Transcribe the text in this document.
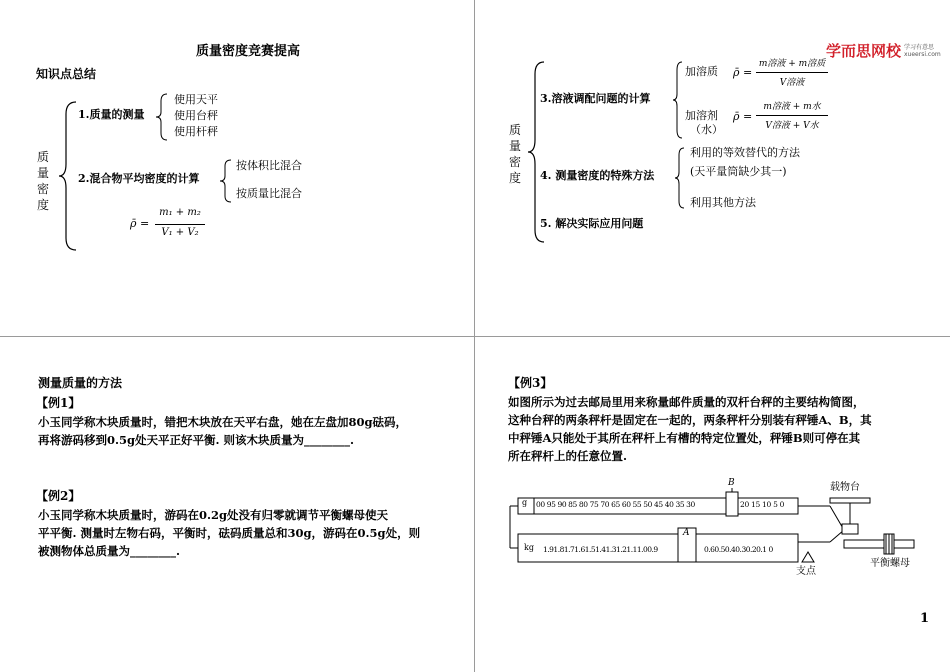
质量密度竞赛提高
知识点总结
质
量
密
度
1.质量的测量
使用天平
使用台秤
使用杆秤
2.混合物平均密度的计算
按体积比混合
按质量比混合
ρ̄ =
m₁ + m₂
V₁ + V₂
学而思网校 学习有意思
xueersi.com
质
量
密
度
3.溶液调配问题的计算
加溶质 ρ̄ =
m溶液 + m溶质
V溶液
加溶剂
（水）
ρ̄ =
m溶液 + m水
V溶液 + V水
4. 测量密度的特殊方法
利用的等效替代的方法
(天平量筒缺少其一)
利用其他方法
5. 解决实际应用问题
测量质量的方法
【例1】
小玉同学称木块质量时，错把木块放在天平右盘，她在左盘加80g砝码，
再将游码移到0.5g处天平正好平衡. 则该木块质量为________.
【例2】
小玉同学称木块质量时，游码在0.2g处没有归零就调节平衡螺母使天
平平衡. 测量时左物右码，平衡时，砝码质量总和30g，游码在0.5g处，则
被测物体总质量为________.
【例3】
如图所示为过去邮局里用来称量邮件质量的双杆台秤的主要结构简图，
这种台秤的两条秤杆是固定在一起的，两条秤杆分别装有秤锤A、B，其
中秤锤A只能处于其所在秤杆上有槽的特定位置处，秤锤B则可停在其
所在秤杆上的任意位置.
g 00 95 90 85 80 75 70 65 60 55 50 45 40 35 30	20 15 10 5 0
kg 1.91.81.71.61.51.41.31.21.11.00.9	0.60.50.40.30.20.1 0
A
B	载物台
支点
平衡螺母
1
